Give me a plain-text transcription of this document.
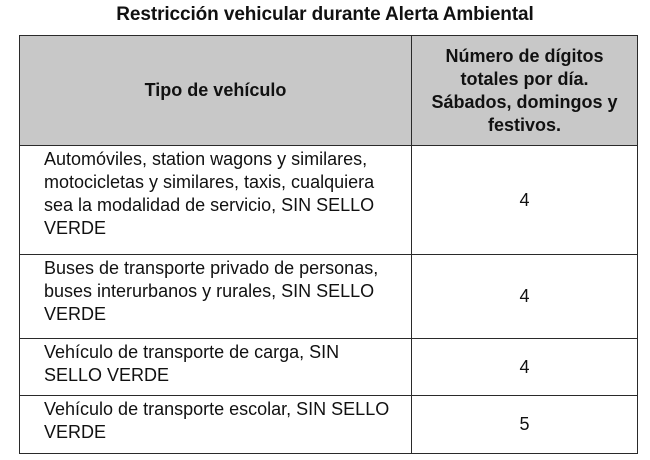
Restricción vehicular durante Alerta Ambiental
Tipo de vehículo	Número de dígitos totales por día. Sábados, domingos y festivos.
Automóviles, station wagons y similares, motocicletas y similares, taxis, cualquiera sea la modalidad de servicio, SIN SELLO VERDE	4
Buses de transporte privado de personas, buses interurbanos y rurales, SIN SELLO VERDE	4
Vehículo de transporte de carga, SIN SELLO VERDE	4
Vehículo de transporte escolar, SIN SELLO VERDE	5
